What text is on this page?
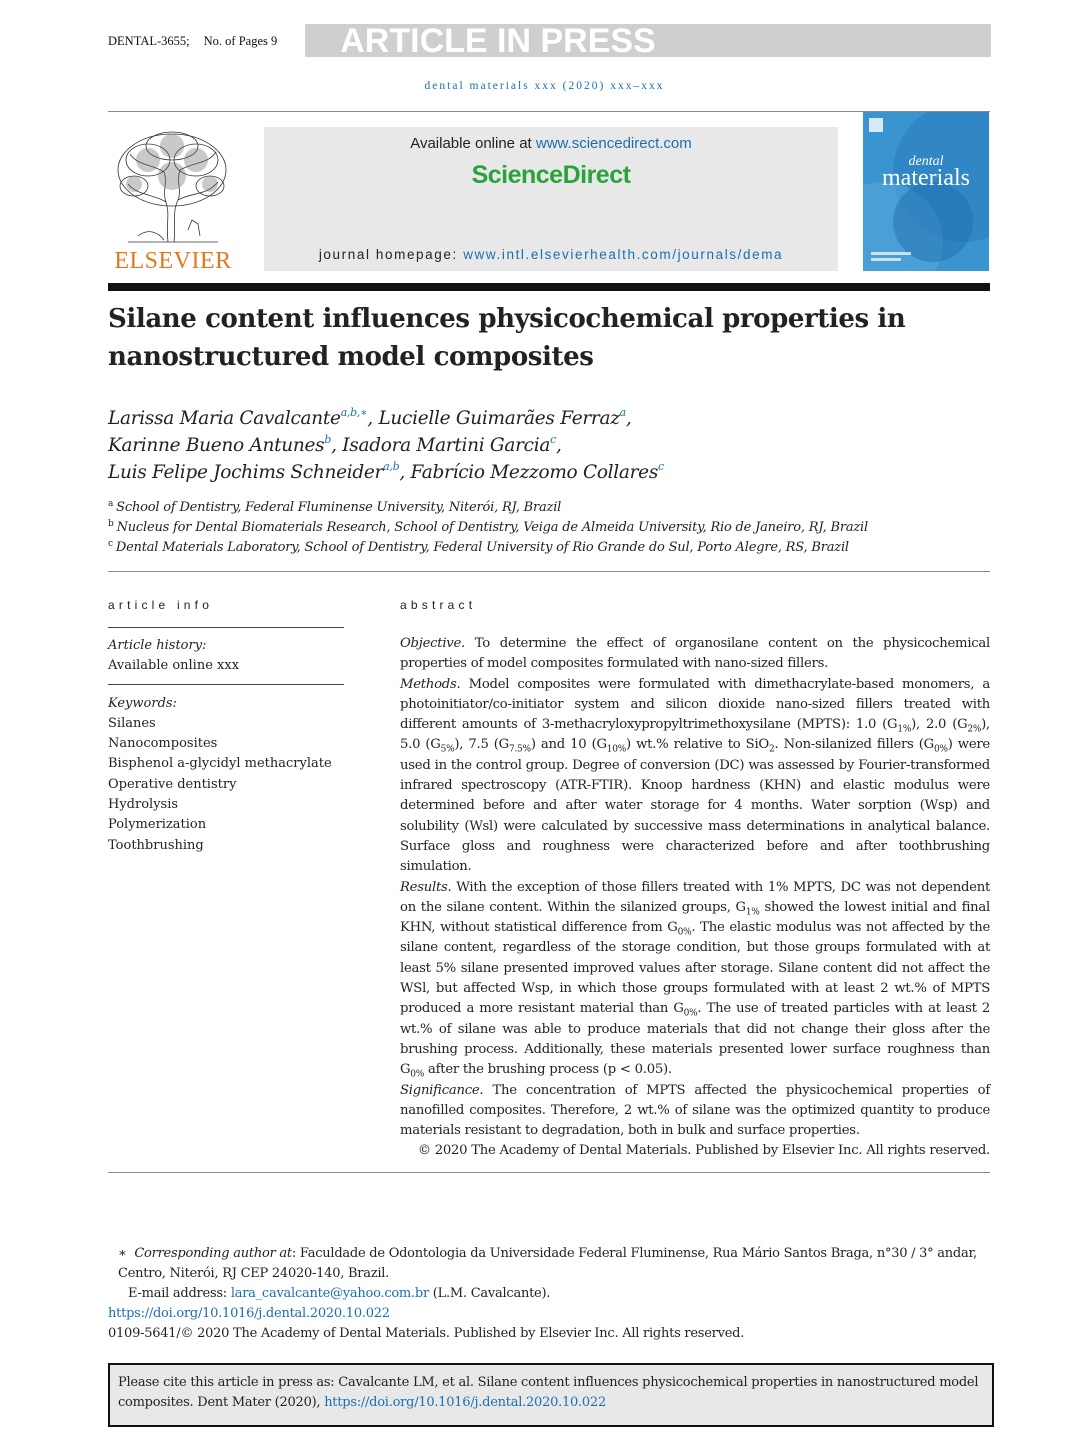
DENTAL-3655; No. of Pages 9	ARTICLE IN PRESS
dental materials xxx (2020) xxx–xxx
ELSEVIER
Available online at www.sciencedirect.com
ScienceDirect
journal homepage: www.intl.elsevierhealth.com/journals/dema
dental
materials
Silane content influences physicochemical properties in nanostructured model composites
Larissa Maria Cavalcante$^{a,b,∗}$, Lucielle Guimarães Ferraz$^a$,
Karinne Bueno Antunes$^b$, Isadora Martini Garcia$^c$,
Luis Felipe Jochims Schneider$^{a,b}$, Fabrício Mezzomo Collares$^c$
$^a$ School of Dentistry, Federal Fluminense University, Niterói, RJ, Brazil
$^b$ Nucleus for Dental Biomaterials Research, School of Dentistry, Veiga de Almeida University, Rio de Janeiro, RJ, Brazil
$^c$ Dental Materials Laboratory, School of Dentistry, Federal University of Rio Grande do Sul, Porto Alegre, RS, Brazil
article info
Article history:
Available online xxx
Keywords:
Silanes
Nanocomposites
Bisphenol a-glycidyl methacrylate
Operative dentistry
Hydrolysis
Polymerization
Toothbrushing
abstract

Objective. To determine the effect of organosilane content on the physicochemical properties of model composites formulated with nano-sized fillers.

Methods. Model composites were formulated with dimethacrylate-based monomers, a photoinitiator/co-initiator system and silicon dioxide nano-sized fillers treated with different amounts of 3-methacryloxypropyltrimethoxysilane (MPTS): 1.0 $(G_{1\%})$, 2.0 $(G_{2\%})$, 5.0 $(G_{5\%})$, 7.5 $(G_{7.5\%})$ and 10 $(G_{10\%})$ wt.% relative to SiO$_2$. Non-silanized fillers $(G_{0\%})$ were used in the control group. Degree of conversion (DC) was assessed by Fourier-transformed infrared spectroscopy (ATR-FTIR). Knoop hardness (KHN) and elastic modulus were determined before and after water storage for 4 months. Water sorption (Wsp) and solubility (Wsl) were calculated by successive mass determinations in analytical balance. Surface gloss and roughness were characterized before and after toothbrushing simulation.

Results. With the exception of those fillers treated with 1% MPTS, DC was not dependent on the silane content. Within the silanized groups, $G_{1\%}$ showed the lowest initial and final KHN, without statistical difference from $G_{0\%}$. The elastic modulus was not affected by the silane content, regardless of the storage condition, but those groups formulated with at least 5% silane presented improved values after storage. Silane content did not affect the WSl, but affected Wsp, in which those groups formulated with at least 2 wt.% of MPTS produced a more resistant material than $G_{0\%}$. The use of treated particles with at least 2 wt.% of silane was able to produce materials that did not change their gloss after the brushing process. Additionally, these materials presented lower surface roughness than $G_{0\%}$ after the brushing process (p < 0.05).

Significance. The concentration of MPTS affected the physicochemical properties of nanofilled composites. Therefore, 2 wt.% of silane was the optimized quantity to produce materials resistant to degradation, both in bulk and surface properties.

© 2020 The Academy of Dental Materials. Published by Elsevier Inc. All rights reserved.

∗ Corresponding author at: Faculdade de Odontologia da Universidade Federal Fluminense, Rua Mário Santos Braga, n°30 / 3° andar, Centro, Niterói, RJ CEP 24020-140, Brazil.

E-mail address: lara_cavalcante@yahoo.com.br (L.M. Cavalcante).

https://doi.org/10.1016/j.dental.2020.10.022

0109-5641/© 2020 The Academy of Dental Materials. Published by Elsevier Inc. All rights reserved.

Please cite this article in press as: Cavalcante LM, et al. Silane content influences physicochemical properties in nanostructured model composites. Dent Mater (2020), https://doi.org/10.1016/j.dental.2020.10.022
